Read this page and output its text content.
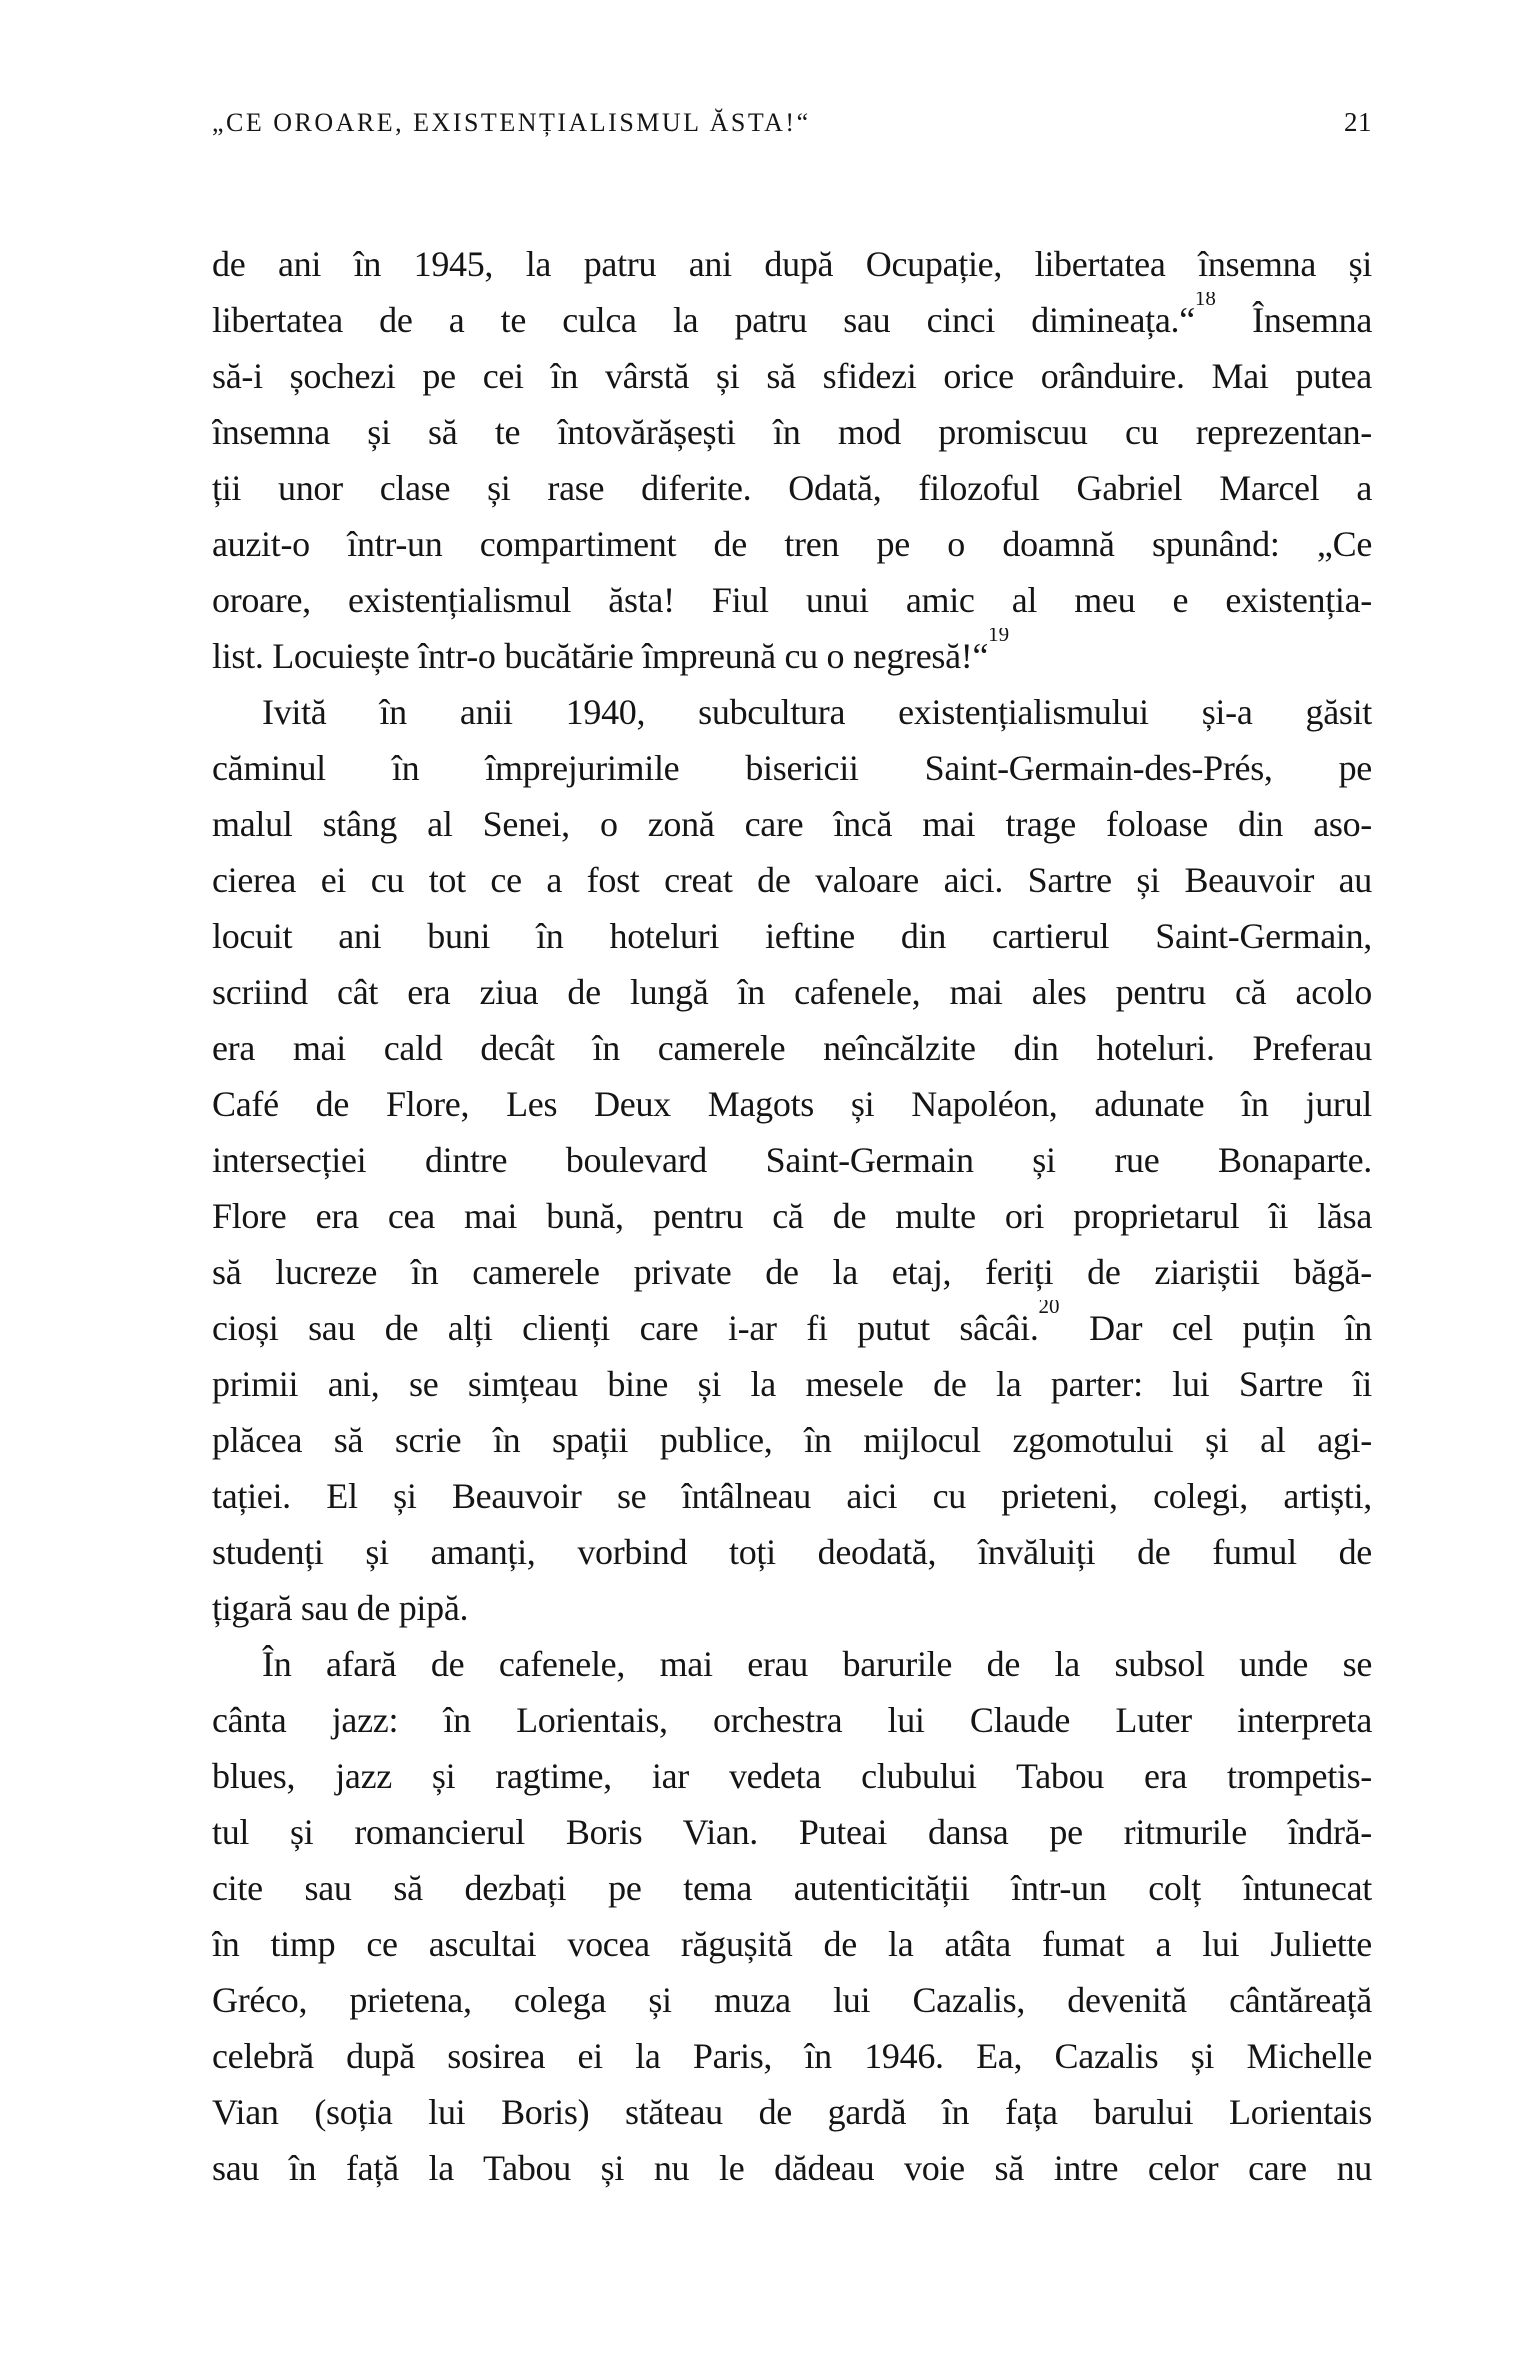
„CE OROARE, EXISTENȚIALISMUL ĂSTA!“	21
de ani în 1945, la patru ani după Ocupație, libertatea însemna și
libertatea de a te culca la patru sau cinci dimineața.“$^{18}$ Însemna
să-i șochezi pe cei în vârstă și să sfidezi orice orânduire. Mai putea
însemna și să te întovărășești în mod promiscuu cu reprezentan-
ții unor clase și rase diferite. Odată, filozoful Gabriel Marcel a
auzit-o într-un compartiment de tren pe o doamnă spunând: „Ce
oroare, existențialismul ăsta! Fiul unui amic al meu e existenția-
list. Locuiește într-o bucătărie împreună cu o negresă!“$^{19}$
Ivită în anii 1940, subcultura existențialismului și-a găsit
căminul în împrejurimile bisericii Saint-Germain-des-Prés, pe
malul stâng al Senei, o zonă care încă mai trage foloase din aso-
cierea ei cu tot ce a fost creat de valoare aici. Sartre și Beauvoir au
locuit ani buni în hoteluri ieftine din cartierul Saint-Germain,
scriind cât era ziua de lungă în cafenele, mai ales pentru că acolo
era mai cald decât în camerele neîncălzite din hoteluri. Preferau
Café de Flore, Les Deux Magots și Napoléon, adunate în jurul
intersecției dintre boulevard Saint-Germain și rue Bonaparte.
Flore era cea mai bună, pentru că de multe ori proprietarul îi lăsa
să lucreze în camerele private de la etaj, feriți de ziariștii băgă-
cioși sau de alți clienți care i-ar fi putut sâcâi.$^{20}$ Dar cel puțin în
primii ani, se simțeau bine și la mesele de la parter: lui Sartre îi
plăcea să scrie în spații publice, în mijlocul zgomotului și al agi-
tației. El și Beauvoir se întâlneau aici cu prieteni, colegi, artiști,
studenți și amanți, vorbind toți deodată, învăluiți de fumul de
țigară sau de pipă.
În afară de cafenele, mai erau barurile de la subsol unde se
cânta jazz: în Lorientais, orchestra lui Claude Luter interpreta
blues, jazz și ragtime, iar vedeta clubului Tabou era trompetis-
tul și romancierul Boris Vian. Puteai dansa pe ritmurile îndră-
cite sau să dezbați pe tema autenticității într-un colț întunecat
în timp ce ascultai vocea răgușită de la atâta fumat a lui Juliette
Gréco, prietena, colega și muza lui Cazalis, devenită cântăreață
celebră după sosirea ei la Paris, în 1946. Ea, Cazalis și Michelle
Vian (soția lui Boris) stăteau de gardă în fața barului Lorientais
sau în față la Tabou și nu le dădeau voie să intre celor care nu
